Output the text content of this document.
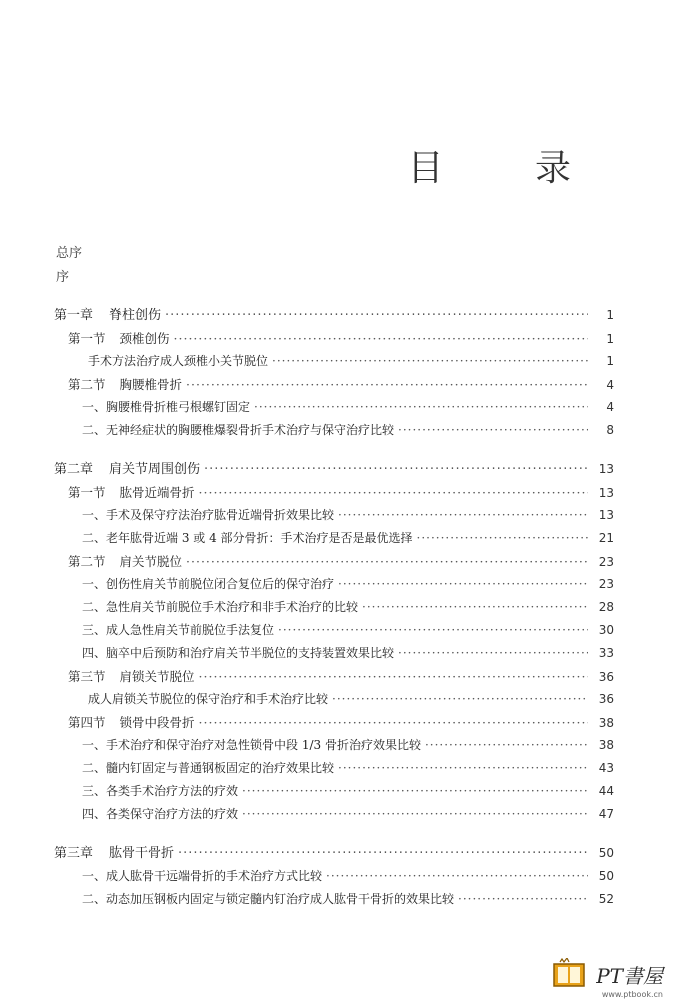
目 录
总序
序
第一章 脊柱创伤 ·····	1
第一节 颈椎创伤 ·····	1
手术方法治疗成人颈椎小关节脱位 ·····	1
第二节 胸腰椎骨折 ·····	4
一、胸腰椎骨折椎弓根螺钉固定 ·····	4
二、无神经症状的胸腰椎爆裂骨折手术治疗与保守治疗比较 ·····	8
第二章 肩关节周围创伤 ·····	13
第一节 肱骨近端骨折 ·····	13
一、手术及保守疗法治疗肱骨近端骨折效果比较 ·····	13
二、老年肱骨近端 3 或 4 部分骨折：手术治疗是否是最优选择 ·····	21
第二节 肩关节脱位 ·····	23
一、创伤性肩关节前脱位闭合复位后的保守治疗 ·····	23
二、急性肩关节前脱位手术治疗和非手术治疗的比较 ·····	28
三、成人急性肩关节前脱位手法复位 ·····	30
四、脑卒中后预防和治疗肩关节半脱位的支持装置效果比较 ·····	33
第三节 肩锁关节脱位 ·····	36
成人肩锁关节脱位的保守治疗和手术治疗比较 ·····	36
第四节 锁骨中段骨折 ·····	38
一、手术治疗和保守治疗对急性锁骨中段 1/3 骨折治疗效果比较 ·····	38
二、髓内钉固定与普通钢板固定的治疗效果比较 ·····	43
三、各类手术治疗方法的疗效 ·····	44
四、各类保守治疗方法的疗效 ·····	47
第三章 肱骨干骨折 ·····	50
一、成人肱骨干远端骨折的手术治疗方式比较 ·····	50
二、动态加压钢板内固定与锁定髓内钉治疗成人肱骨干骨折的效果比较 ·····	52
PT書屋
www.ptbook.cn
